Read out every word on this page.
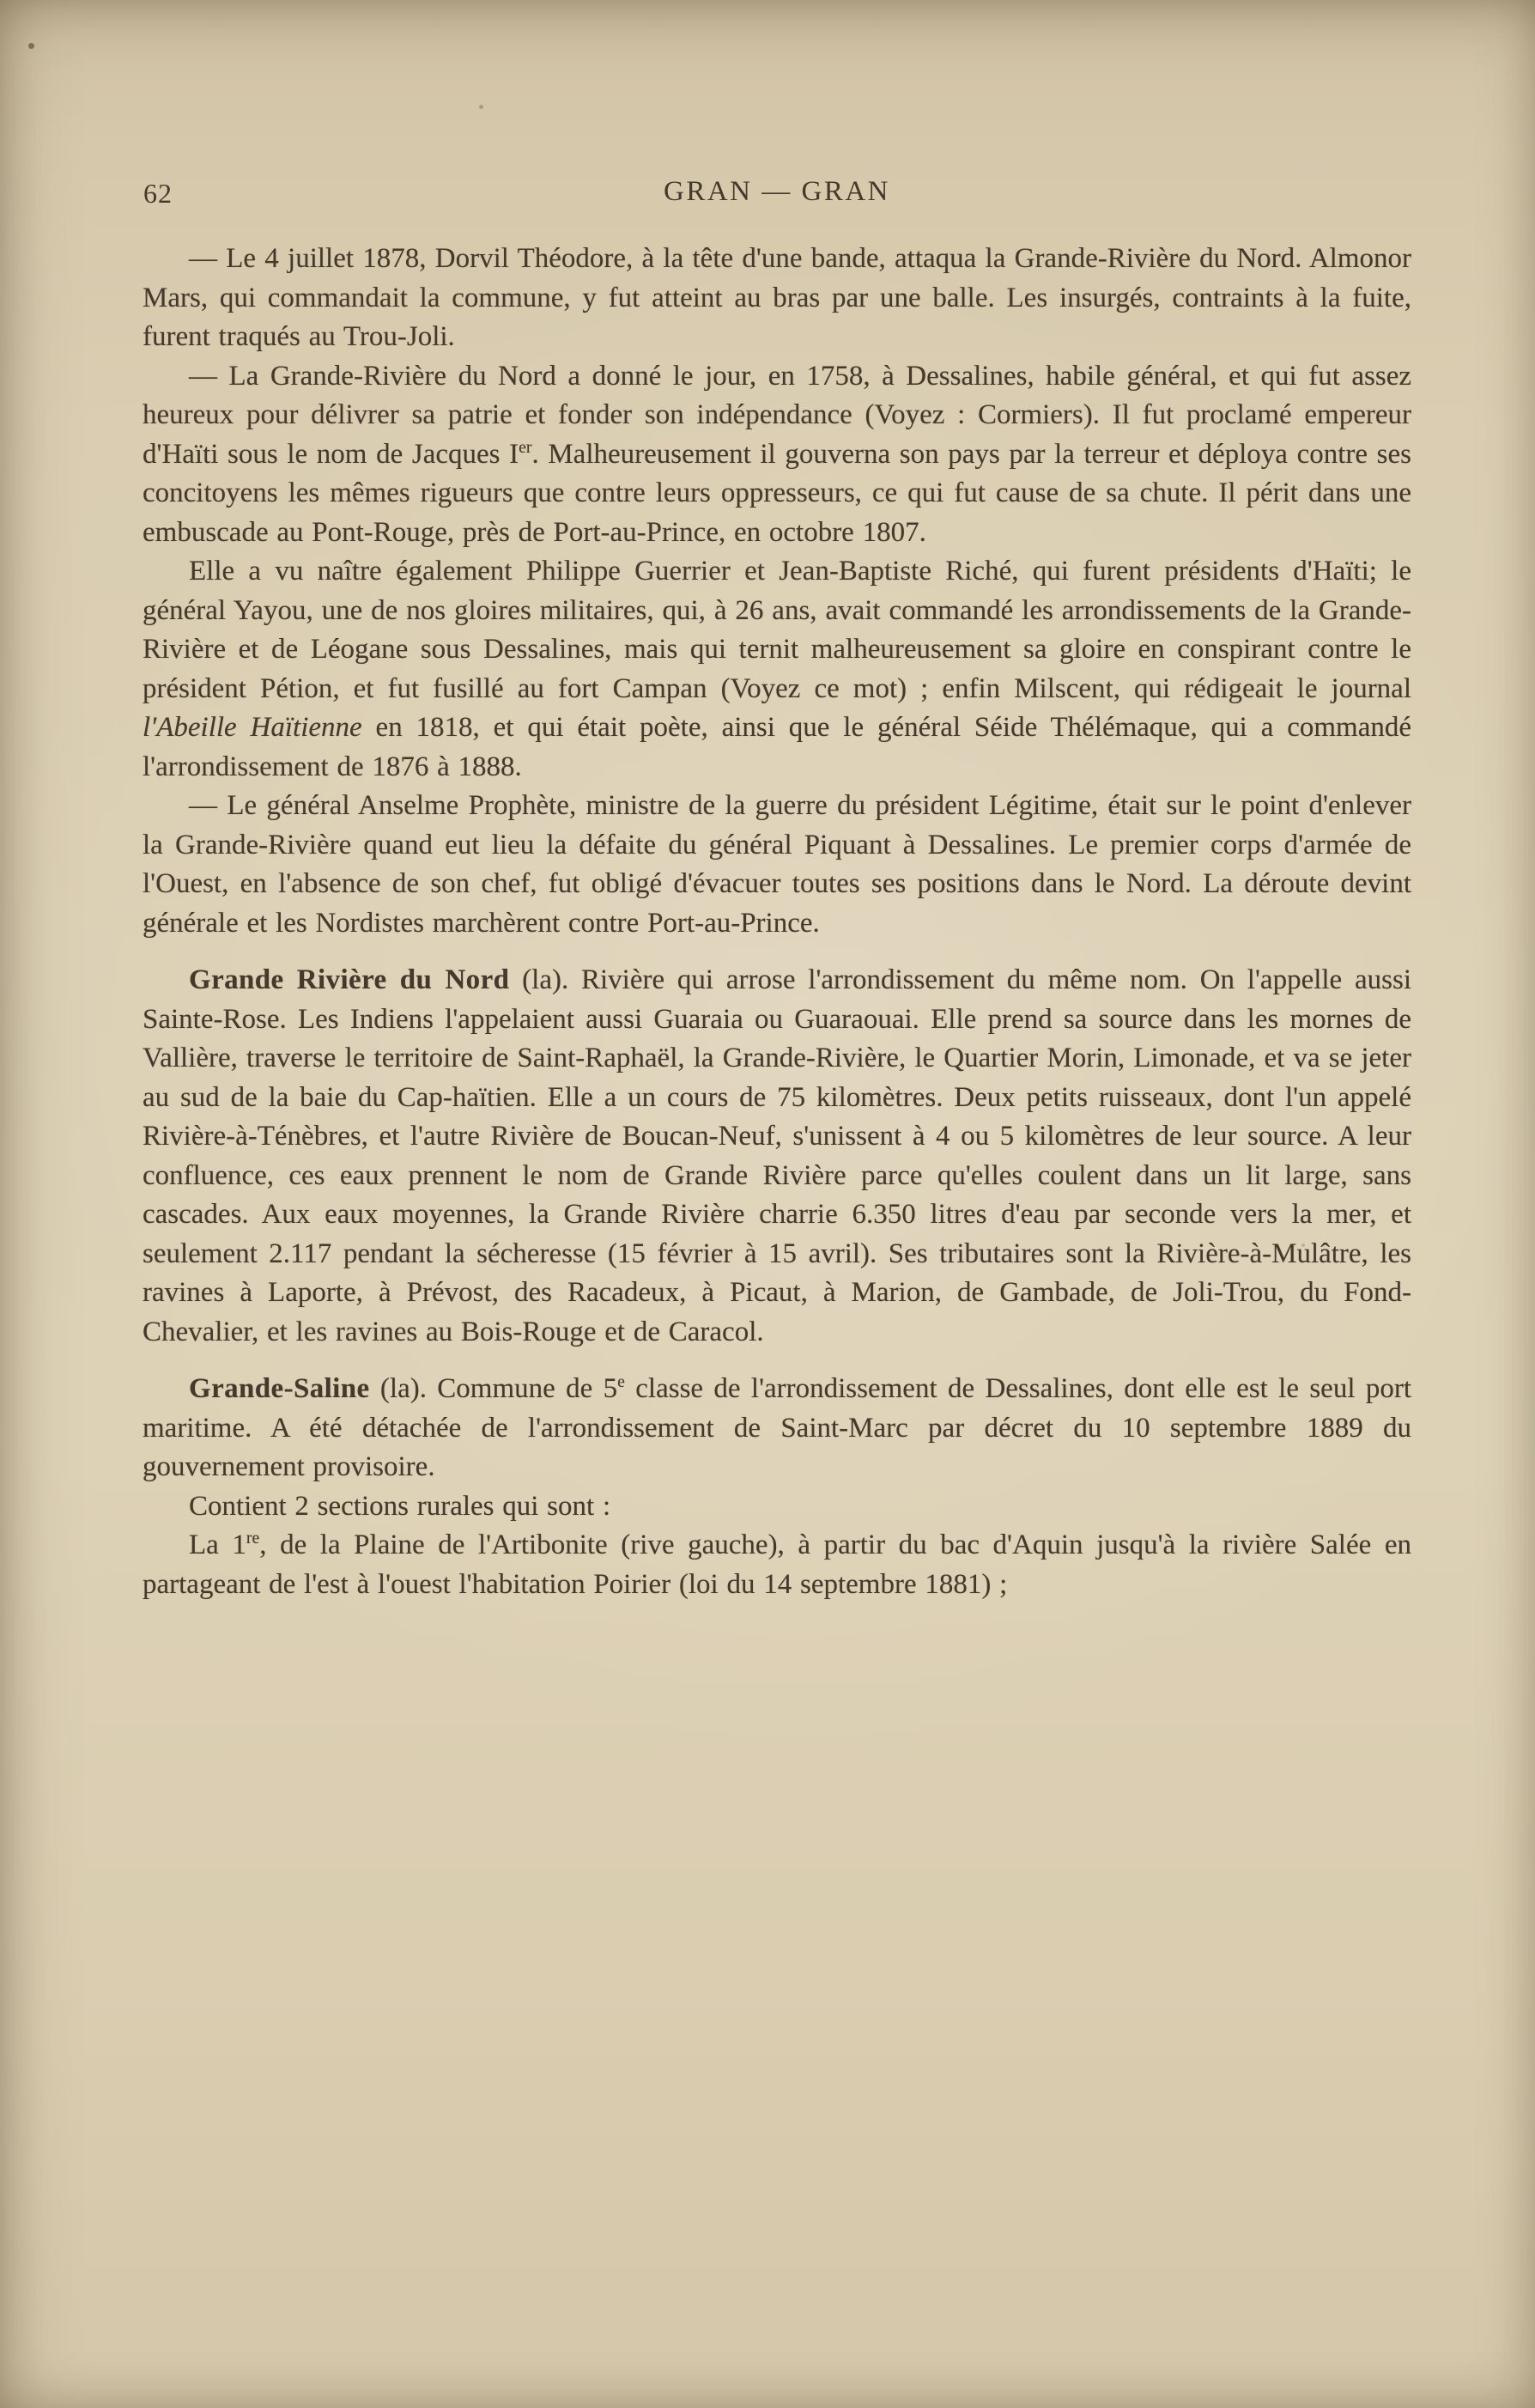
62	GRAN — GRAN

— Le 4 juillet 1878, Dorvil Théodore, à la tête d'une bande, attaqua la Grande-Rivière du Nord. Almonor Mars, qui commandait la commune, y fut atteint au bras par une balle. Les insurgés, contraints à la fuite, furent traqués au Trou-Joli.

— La Grande-Rivière du Nord a donné le jour, en 1758, à Dessalines, habile général, et qui fut assez heureux pour délivrer sa patrie et fonder son indépendance (Voyez : Cormiers). Il fut proclamé empereur d'Haïti sous le nom de Jacques Ier. Malheureusement il gouverna son pays par la terreur et déploya contre ses concitoyens les mêmes rigueurs que contre leurs oppresseurs, ce qui fut cause de sa chute. Il périt dans une embuscade au Pont-Rouge, près de Port-au-Prince, en octobre 1807.

Elle a vu naître également Philippe Guerrier et Jean-Baptiste Riché, qui furent présidents d'Haïti; le général Yayou, une de nos gloires militaires, qui, à 26 ans, avait commandé les arrondissements de la Grande-Rivière et de Léogane sous Dessalines, mais qui ternit malheureusement sa gloire en conspirant contre le président Pétion, et fut fusillé au fort Campan (Voyez ce mot) ; enfin Milscent, qui rédigeait le journal l'Abeille Haïtienne en 1818, et qui était poète, ainsi que le général Séide Thélémaque, qui a commandé l'arrondissement de 1876 à 1888.

— Le général Anselme Prophète, ministre de la guerre du président Légitime, était sur le point d'enlever la Grande-Rivière quand eut lieu la défaite du général Piquant à Dessalines. Le premier corps d'armée de l'Ouest, en l'absence de son chef, fut obligé d'évacuer toutes ses positions dans le Nord. La déroute devint générale et les Nordistes marchèrent contre Port-au-Prince.

Grande Rivière du Nord (la). Rivière qui arrose l'arrondissement du même nom. On l'appelle aussi Sainte-Rose. Les Indiens l'appelaient aussi Guaraia ou Guaraouai. Elle prend sa source dans les mornes de Vallière, traverse le territoire de Saint-Raphaël, la Grande-Rivière, le Quartier Morin, Limonade, et va se jeter au sud de la baie du Cap-haïtien. Elle a un cours de 75 kilomètres. Deux petits ruisseaux, dont l'un appelé Rivière-à-Ténèbres, et l'autre Rivière de Boucan-Neuf, s'unissent à 4 ou 5 kilomètres de leur source. A leur confluence, ces eaux prennent le nom de Grande Rivière parce qu'elles coulent dans un lit large, sans cascades. Aux eaux moyennes, la Grande Rivière charrie 6.350 litres d'eau par seconde vers la mer, et seulement 2.117 pendant la sécheresse (15 février à 15 avril). Ses tributaires sont la Rivière-à-Mulâtre, les ravines à Laporte, à Prévost, des Racadeux, à Picaut, à Marion, de Gambade, de Joli-Trou, du Fond-Chevalier, et les ravines au Bois-Rouge et de Caracol.

Grande-Saline (la). Commune de 5e classe de l'arrondissement de Dessalines, dont elle est le seul port maritime. A été détachée de l'arrondissement de Saint-Marc par décret du 10 septembre 1889 du gouvernement provisoire.

Contient 2 sections rurales qui sont :

La 1re, de la Plaine de l'Artibonite (rive gauche), à partir du bac d'Aquin jusqu'à la rivière Salée en partageant de l'est à l'ouest l'habitation Poirier (loi du 14 septembre 1881) ;
